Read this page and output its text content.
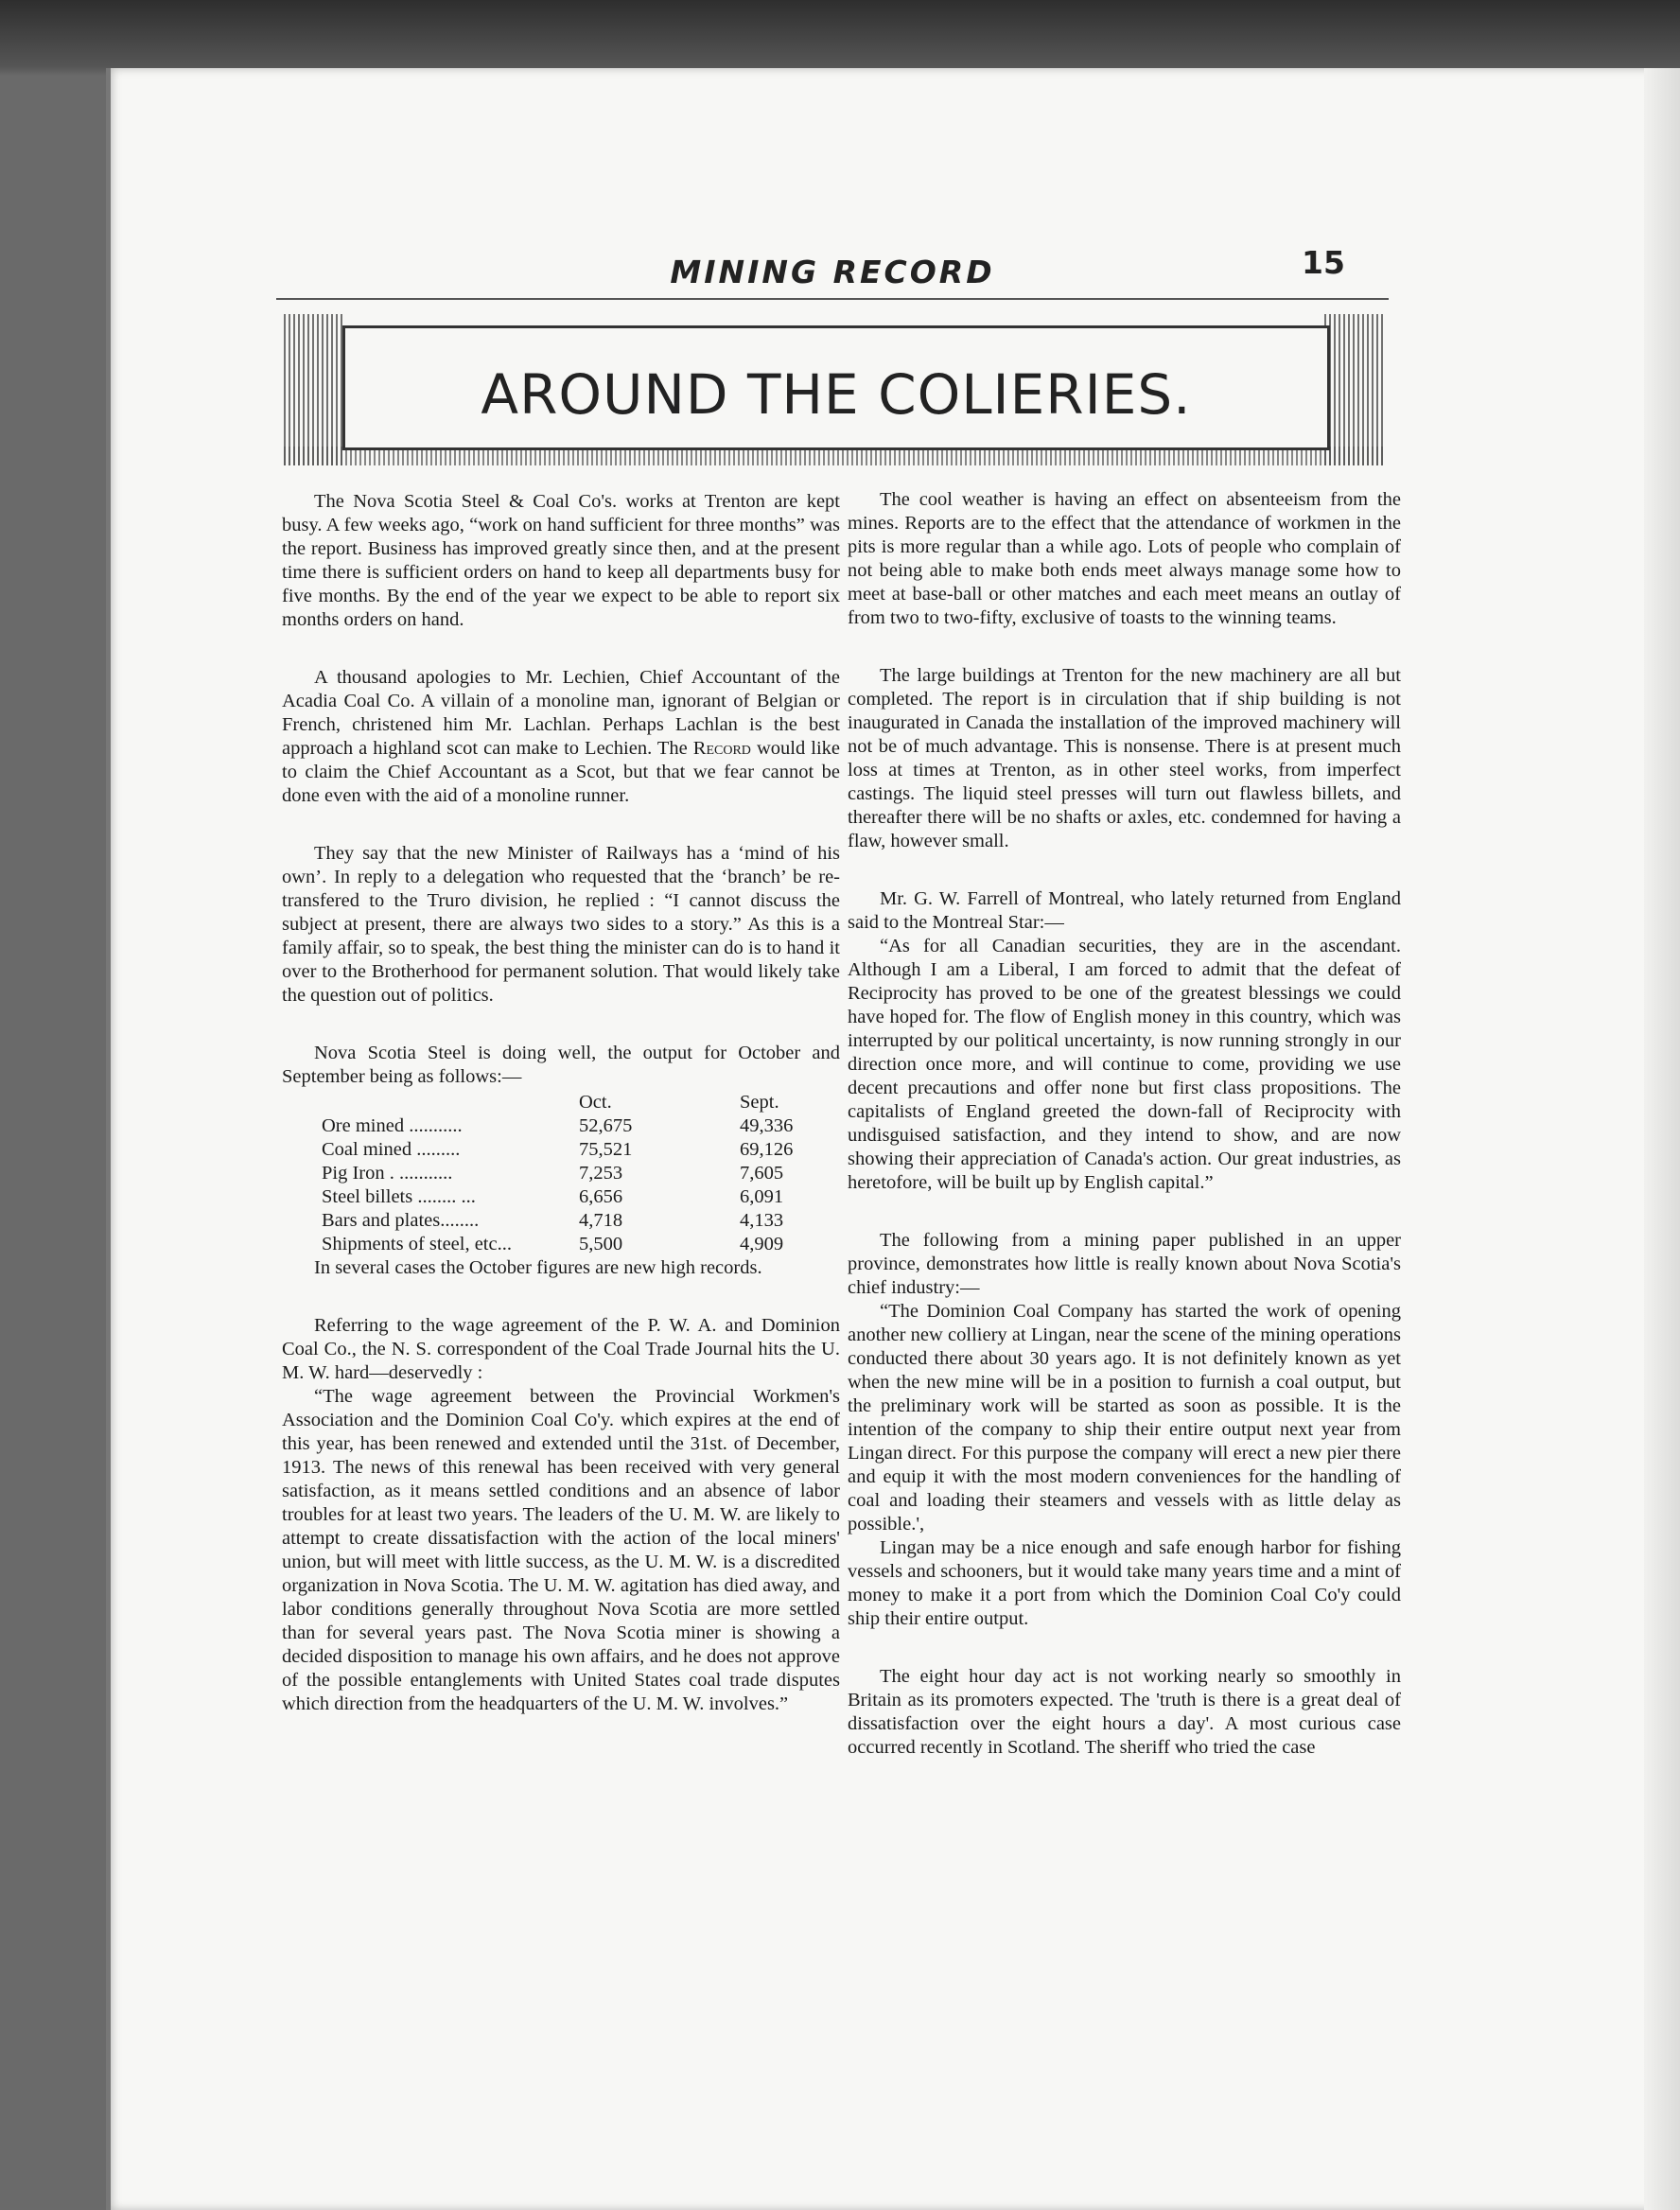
MINING RECORD	15
AROUND THE COLIERIES.

The Nova Scotia Steel & Coal Co's. works at Trenton are kept busy. A few weeks ago, “work on hand sufficient for three months” was the report. Business has improved greatly since then, and at the present time there is sufficient orders on hand to keep all departments busy for five months. By the end of the year we expect to be able to report six months orders on hand.

A thousand apologies to Mr. Lechien, Chief Accountant of the Acadia Coal Co. A villain of a monoline man, ignorant of Belgian or French, christened him Mr. Lachlan. Perhaps Lachlan is the best approach a highland scot can make to Lechien. The Record would like to claim the Chief Accountant as a Scot, but that we fear cannot be done even with the aid of a monoline runner.

They say that the new Minister of Railways has a ‘mind of his own’. In reply to a delegation who requested that the ‘branch’ be re-transfered to the Truro division, he replied : “I cannot discuss the subject at present, there are always two sides to a story.” As this is a family affair, so to speak, the best thing the minister can do is to hand it over to the Brotherhood for permanent solution. That would likely take the question out of politics.

Nova Scotia Steel is doing well, the output for October and September being as follows:—

	Oct.	Sept.
Ore mined ...........	52,675	49,336
Coal mined .........	75,521	69,126
Pig Iron . ...........	7,253	7,605
Steel billets ........ ...	6,656	6,091
Bars and plates........	4,718	4,133
Shipments of steel, etc...	5,500	4,909

In several cases the October figures are new high records.

Referring to the wage agreement of the P. W. A. and Dominion Coal Co., the N. S. correspondent of the Coal Trade Journal hits the U. M. W. hard—deservedly :

“The wage agreement between the Provincial Workmen's Association and the Dominion Coal Co'y. which expires at the end of this year, has been renewed and extended until the 31st. of December, 1913. The news of this renewal has been received with very general satisfaction, as it means settled conditions and an absence of labor troubles for at least two years. The leaders of the U. M. W. are likely to attempt to create dissatisfaction with the action of the local miners' union, but will meet with little success, as the U. M. W. is a discredited organization in Nova Scotia. The U. M. W. agitation has died away, and labor conditions generally throughout Nova Scotia are more settled than for several years past. The Nova Scotia miner is showing a decided disposition to manage his own affairs, and he does not approve of the possible entanglements with United States coal trade disputes which direction from the headquarters of the U. M. W. involves.”

The cool weather is having an effect on absenteeism from the mines. Reports are to the effect that the attendance of workmen in the pits is more regular than a while ago. Lots of people who complain of not being able to make both ends meet always manage some how to meet at base-ball or other matches and each meet means an outlay of from two to two-fifty, exclusive of toasts to the winning teams.

The large buildings at Trenton for the new machinery are all but completed. The report is in circulation that if ship building is not inaugurated in Canada the installation of the improved machinery will not be of much advantage. This is nonsense. There is at present much loss at times at Trenton, as in other steel works, from imperfect castings. The liquid steel presses will turn out flawless billets, and thereafter there will be no shafts or axles, etc. condemned for having a flaw, however small.

Mr. G. W. Farrell of Montreal, who lately returned from England said to the Montreal Star:—

“As for all Canadian securities, they are in the ascendant. Although I am a Liberal, I am forced to admit that the defeat of Reciprocity has proved to be one of the greatest blessings we could have hoped for. The flow of English money in this country, which was interrupted by our political uncertainty, is now running strongly in our direction once more, and will continue to come, providing we use decent precautions and offer none but first class propositions. The capitalists of England greeted the down-fall of Reciprocity with undisguised satisfaction, and they intend to show, and are now showing their appreciation of Canada's action. Our great industries, as heretofore, will be built up by English capital.”

The following from a mining paper published in an upper province, demonstrates how little is really known about Nova Scotia's chief industry:—

“The Dominion Coal Company has started the work of opening another new colliery at Lingan, near the scene of the mining operations conducted there about 30 years ago. It is not definitely known as yet when the new mine will be in a position to furnish a coal output, but the preliminary work will be started as soon as possible. It is the intention of the company to ship their entire output next year from Lingan direct. For this purpose the company will erect a new pier there and equip it with the most modern conveniences for the handling of coal and loading their steamers and vessels with as little delay as possible.',

Lingan may be a nice enough and safe enough harbor for fishing vessels and schooners, but it would take many years time and a mint of money to make it a port from which the Dominion Coal Co'y could ship their entire output.

The eight hour day act is not working nearly so smoothly in Britain as its promoters expected. The 'truth is there is a great deal of dissatisfaction over the eight hours a day'. A most curious case occurred recently in Scotland. The sheriff who tried the case
